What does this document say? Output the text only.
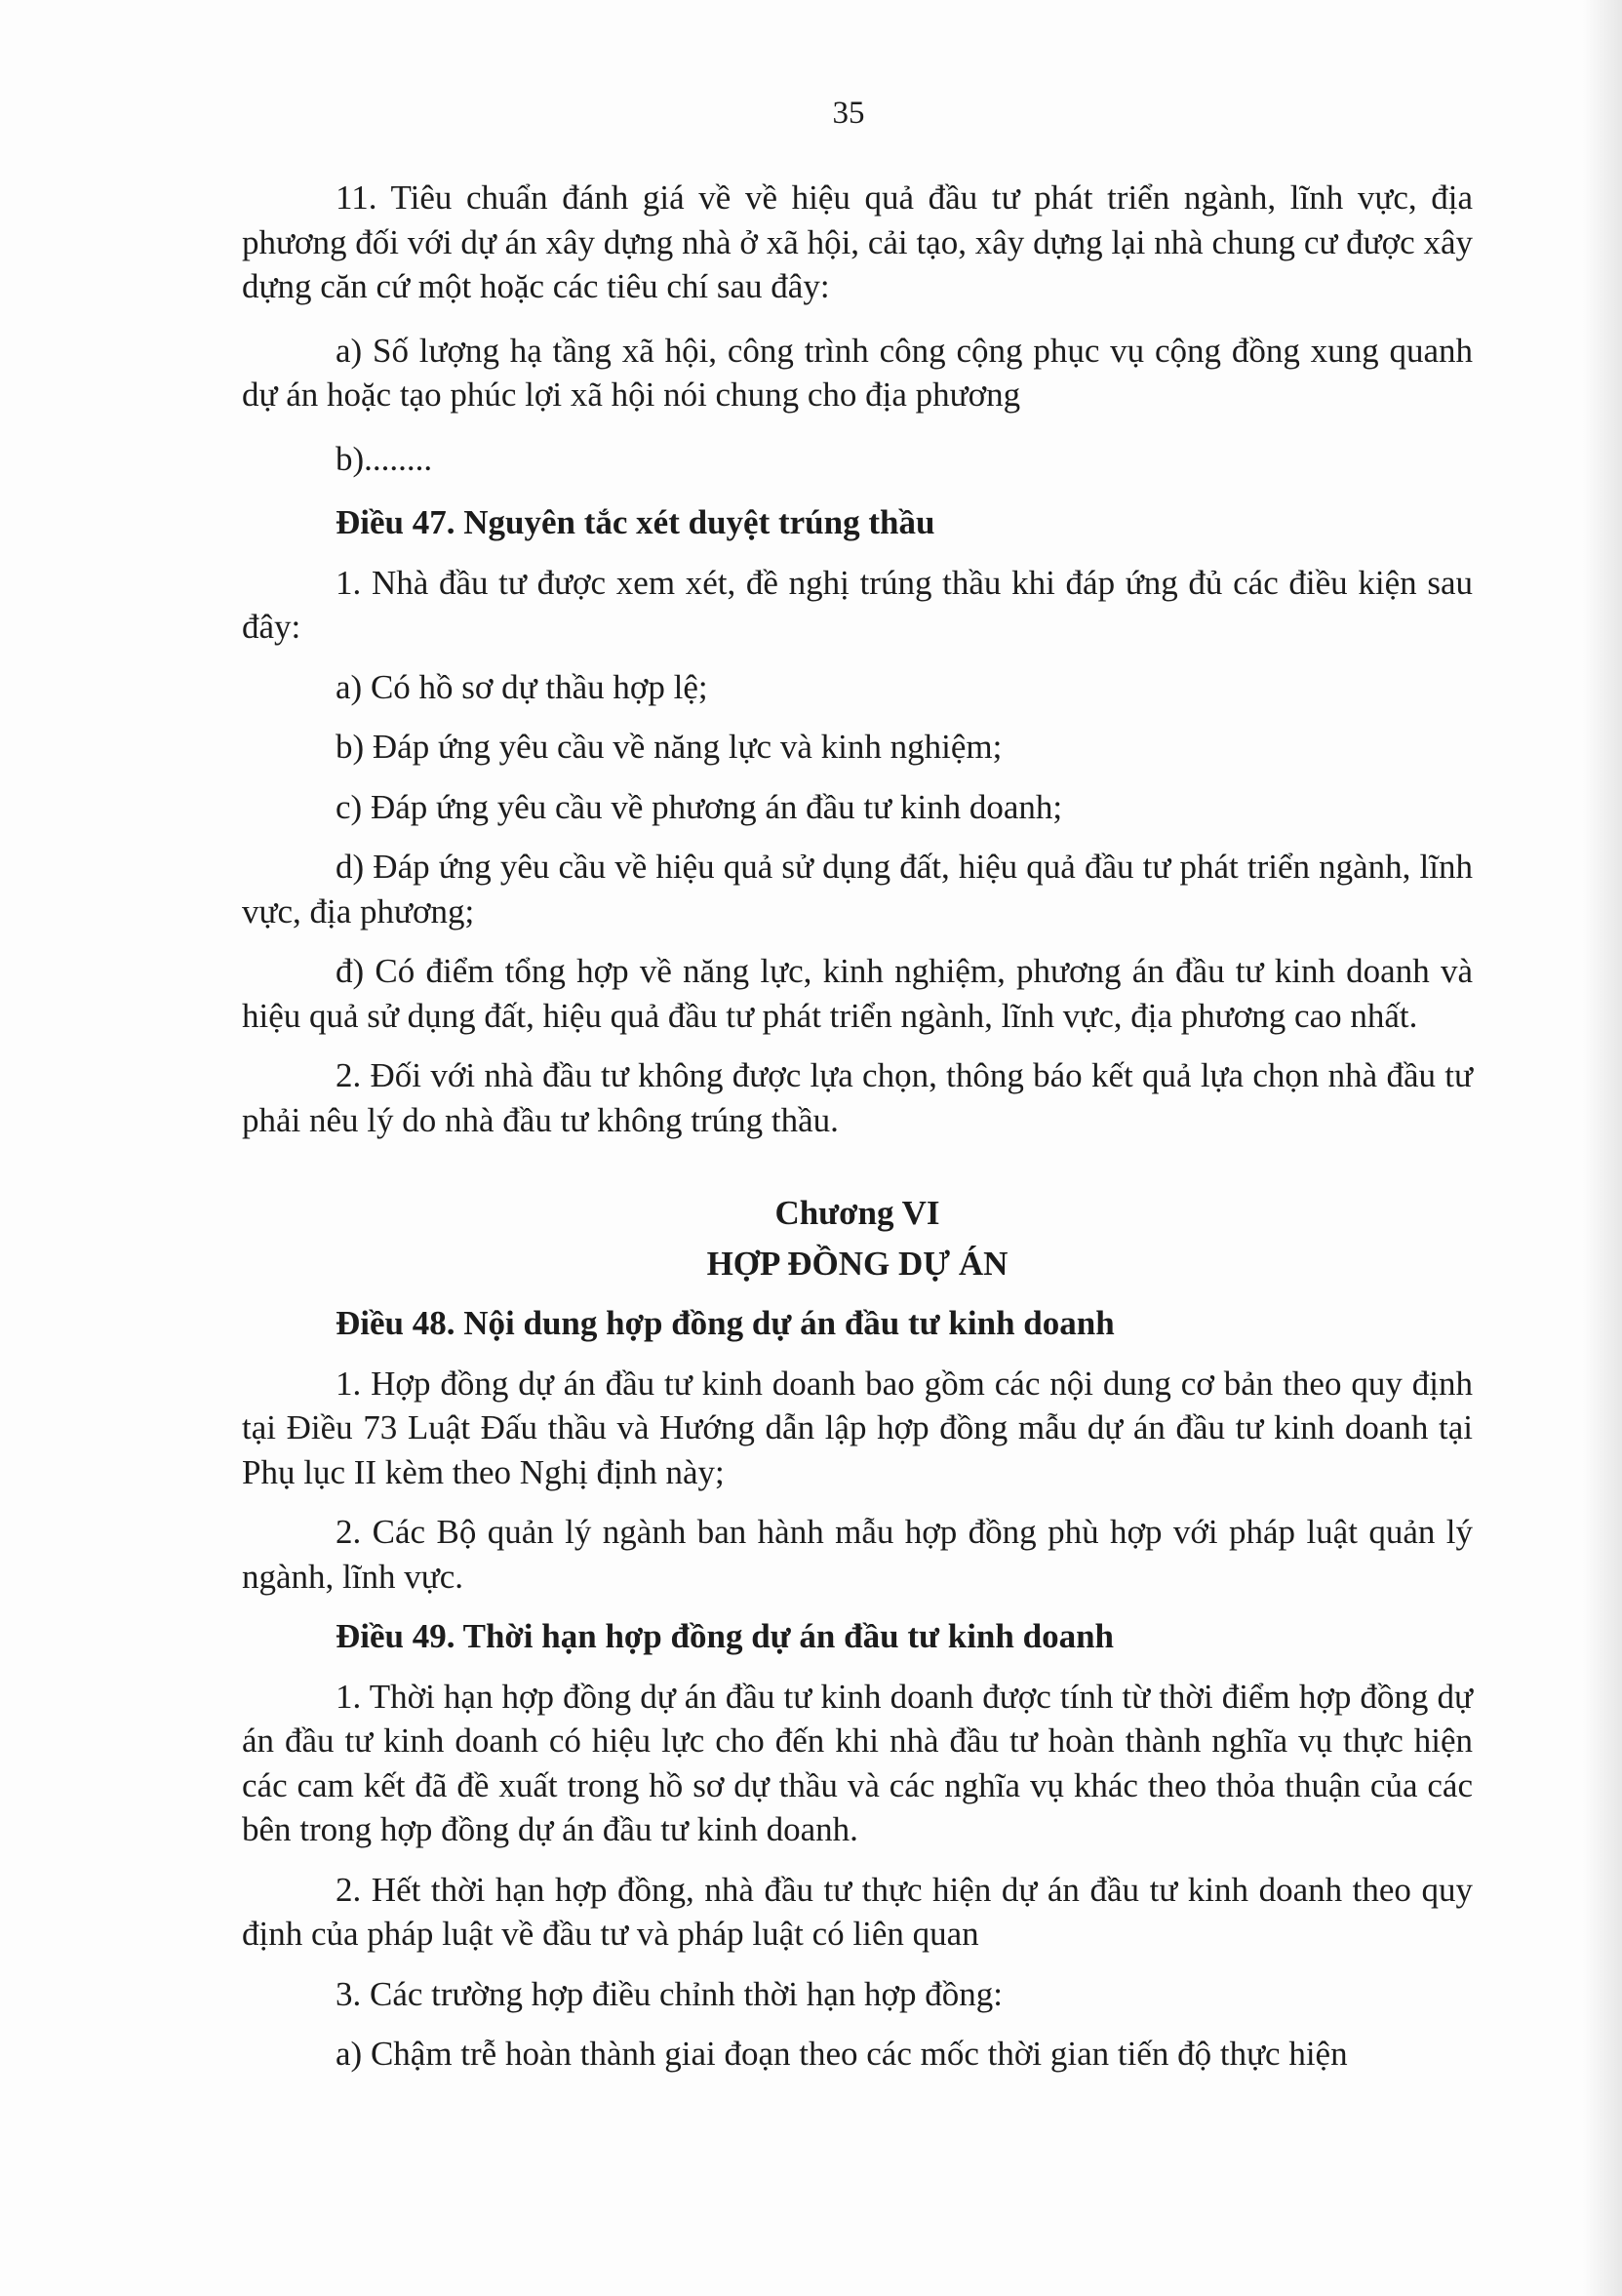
35

11. Tiêu chuẩn đánh giá về về hiệu quả đầu tư phát triển ngành, lĩnh vực, địa phương đối với dự án xây dựng nhà ở xã hội, cải tạo, xây dựng lại nhà chung cư được xây dựng căn cứ một hoặc các tiêu chí sau đây:

a) Số lượng hạ tầng xã hội, công trình công cộng phục vụ cộng đồng xung quanh dự án hoặc tạo phúc lợi xã hội nói chung cho địa phương

b)........

Điều 47. Nguyên tắc xét duyệt trúng thầu

1. Nhà đầu tư được xem xét, đề nghị trúng thầu khi đáp ứng đủ các điều kiện sau đây:

a) Có hồ sơ dự thầu hợp lệ;

b) Đáp ứng yêu cầu về năng lực và kinh nghiệm;

c) Đáp ứng yêu cầu về phương án đầu tư kinh doanh;

d) Đáp ứng yêu cầu về hiệu quả sử dụng đất, hiệu quả đầu tư phát triển ngành, lĩnh vực, địa phương;

đ) Có điểm tổng hợp về năng lực, kinh nghiệm, phương án đầu tư kinh doanh và hiệu quả sử dụng đất, hiệu quả đầu tư phát triển ngành, lĩnh vực, địa phương cao nhất.

2. Đối với nhà đầu tư không được lựa chọn, thông báo kết quả lựa chọn nhà đầu tư phải nêu lý do nhà đầu tư không trúng thầu.

Chương VI
HỢP ĐỒNG DỰ ÁN
Điều 48. Nội dung hợp đồng dự án đầu tư kinh doanh

1. Hợp đồng dự án đầu tư kinh doanh bao gồm các nội dung cơ bản theo quy định tại Điều 73 Luật Đấu thầu và Hướng dẫn lập hợp đồng mẫu dự án đầu tư kinh doanh tại Phụ lục II kèm theo Nghị định này;

2. Các Bộ quản lý ngành ban hành mẫu hợp đồng phù hợp với pháp luật quản lý ngành, lĩnh vực.

Điều 49. Thời hạn hợp đồng dự án đầu tư kinh doanh

1. Thời hạn hợp đồng dự án đầu tư kinh doanh được tính từ thời điểm hợp đồng dự án đầu tư kinh doanh có hiệu lực cho đến khi nhà đầu tư hoàn thành nghĩa vụ thực hiện các cam kết đã đề xuất trong hồ sơ dự thầu và các nghĩa vụ khác theo thỏa thuận của các bên trong hợp đồng dự án đầu tư kinh doanh.

2. Hết thời hạn hợp đồng, nhà đầu tư thực hiện dự án đầu tư kinh doanh theo quy định của pháp luật về đầu tư và pháp luật có liên quan

3. Các trường hợp điều chỉnh thời hạn hợp đồng:

a) Chậm trễ hoàn thành giai đoạn theo các mốc thời gian tiến độ thực hiện
